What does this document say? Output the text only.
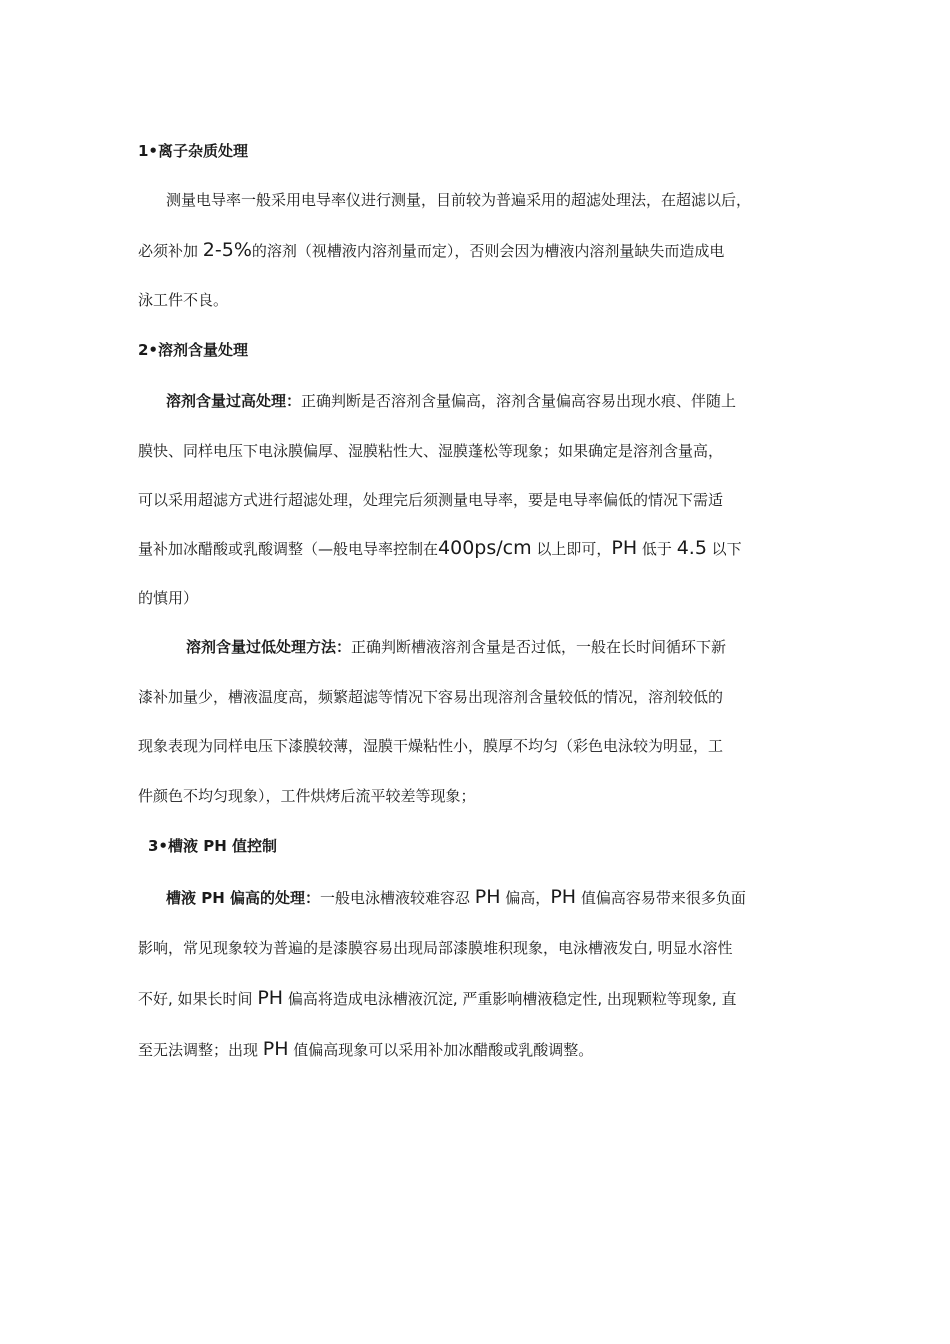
1•离子杂质处理
测量电导率一般采用电导率仪进行测量，目前较为普遍采用的超滤处理法，在超滤以后，
必须补加 2-5%的溶剂（视槽液内溶剂量而定），否则会因为槽液内溶剂量缺失而造成电
泳工件不良。
2•溶剂含量处理
溶剂含量过高处理：正确判断是否溶剂含量偏高，溶剂含量偏高容易出现水痕、伴随上
膜快、同样电压下电泳膜偏厚、湿膜粘性大、湿膜蓬松等现象；如果确定是溶剂含量高，
可以采用超滤方式进行超滤处理，处理完后须测量电导率，要是电导率偏低的情况下需适
量补加冰醋酸或乳酸调整（—般电导率控制在400ps/cm 以上即可，PH 低于 4.5 以下
的慎用）
溶剂含量过低处理方法：正确判断槽液溶剂含量是否过低，一般在长时间循环下新
漆补加量少，槽液温度高，频繁超滤等情况下容易出现溶剂含量较低的情况，溶剂较低的
现象表现为同样电压下漆膜较薄，湿膜干燥粘性小，膜厚不均匀（彩色电泳较为明显，工
件颜色不均匀现象），工件烘烤后流平较差等现象；
3•槽液 PH 值控制
槽液 PH 偏高的处理：一般电泳槽液较难容忍 PH 偏高，PH 值偏高容易带来很多负面
影响，常见现象较为普遍的是漆膜容易出现局部漆膜堆积现象，电泳槽液发白, 明显水溶性
不好, 如果长时间 PH 偏高将造成电泳槽液沉淀, 严重影响槽液稳定性, 出现颗粒等现象, 直
至无法调整；出现 PH 值偏高现象可以采用补加冰醋酸或乳酸调整。
